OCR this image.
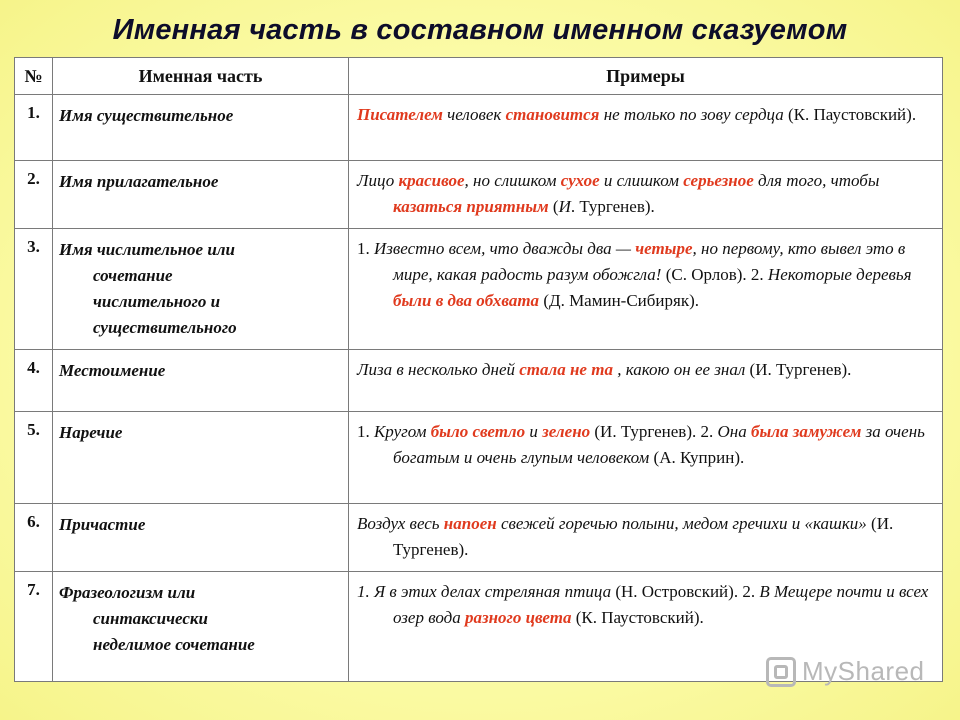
Именная часть в составном именном сказуемом
№	Именная часть	Примеры
1.	Имя существительное	Писателем человек становится не только по зову сердца (К. Паустовский).

2.	Имя прилагательное	Лицо красивое, но слишком сухое и слишком серьезное для того, чтобы казаться приятным (И. Тургенев).

3.	Имя числительное или
сочетание
числительного и
существительного	1. Известно всем, что дважды два — четыре, но первому, кто вывел это в мире, какая радость разум обожгла! (С. Орлов). 2. Некоторые деревья были в два обхвата (Д. Мамин-Сибиряк).

4.	Местоимение	Лиза в несколько дней стала не та , какою он ее знал (И. Тургенев).

5.	Наречие	1. Кругом было светло и зелено (И. Тургенев). 2. Она была замужем за очень богатым и очень глупым человеком (А. Куприн).

6.	Причастие	Воздух весь напоен свежей горечью полыни, медом гречихи и «кашки» (И. Тургенев).

7.	Фразеологизм или
синтаксически
неделимое сочетание	1. Я в этих делах стреляная птица (Н. Островский). 2. В Мещере почти и всех озер вода разного цвета (К. Паустовский).
MyShared
